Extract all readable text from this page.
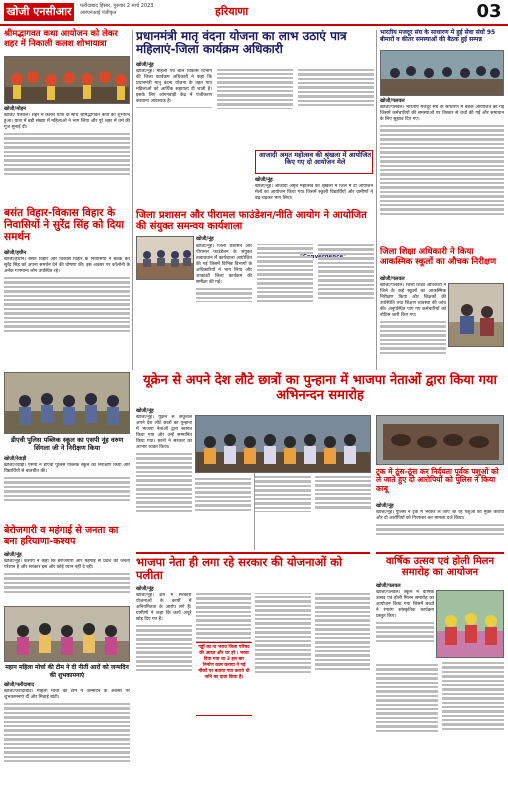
खोजी एनसीआर	फरीदाबाद हिसार, गुरुवार 2 मार्च 2023
आरएनआई पंजीकृत	हरियाणा	03
श्रीमद्भागवत कथा आयोजन को लेकर शहर में निकाली कलश शोभायात्रा
खोजी/मोहन
खोजी/ पलवल। शहर में कलश यात्रा के साथ श्रीमद्भागवत कथा का शुभारंभ हुआ। यात्रा में बड़ी संख्या में महिलाओं ने भाग लिया और पूरे शहर में धर्म की गूंज सुनाई दी।
बसंत विहार-विकास विहार के निवासियों ने सुरेंद्र सिंह को दिया समर्थन
खोजी/हथीन
खोजी/हथीन। बसंत विहार और विकास विहार के निवासियों ने बैठक कर सुरेंद्र सिंह को अपना समर्थन देने की घोषणा की। इस अवसर पर कॉलोनी के अनेक गणमान्य लोग उपस्थित रहे।
प्रधानमंत्री मातृ वंदना योजना का लाभ उठाएं पात्र महिलाएं-जिला कार्यक्रम अधिकारी
खोजी/नूंह
खोजी/नूंह। महिला एवं बाल विकास विभाग की जिला कार्यक्रम अधिकारी ने कहा कि प्रधानमंत्री मातृ वंदना योजना के तहत पात्र महिलाओं को आर्थिक सहायता दी जाती है। इसके लिए आंगनवाड़ी केंद्र में पंजीकरण करवाना आवश्यक है।
आजादी अमृत महोत्सव की श्रृंखला में आयोजित किए गए दो आयोजन मेले
खोजी/नूंह
खोजी/नूंह। आजादी अमृत महोत्सव की श्रृंखला में जिले में दो आयोजन मेलों का आयोजन किया गया जिसमें स्कूली विद्यार्थियों और ग्रामीणों ने बढ़-चढ़कर भाग लिया।
जिला प्रशासन और पीरामल फाउंडेशन/नीति आयोग ने आयोजित की संयुक्त समन्वय कार्यशाला
खोजी/नूंह
खोजी/नूंह। जिला प्रशासन और पीरामल फाउंडेशन के संयुक्त तत्वावधान में कार्यशाला आयोजित की गई जिसमें विभिन्न विभागों के अधिकारियों ने भाग लिया और आकांक्षी जिला कार्यक्रम की समीक्षा की गई।
भारतीय मजदूर संघ के साधारण में हुई सेवा संघों 95 बीमारों व कीतर समस्याओं की बैठक हुई सम्पन्न
खोजी/पलवल
खोजी/पलवल। भारतीय मजदूर संघ के साधारण में बैठक आयोजित की गई जिसमें कर्मचारियों की समस्याओं पर विस्तार से चर्चा की गई और समाधान के लिए सुझाव दिए गए।
जिला शिक्षा अधिकारी ने किया आकस्मिक स्कूलों का औचक निरीक्षण
खोजी/पलवल
खोजी/पलवल। जिला शिक्षा अधिकारी ने जिले के कई स्कूलों का आकस्मिक निरीक्षण किया और शिक्षकों की उपस्थिति तथा शिक्षण व्यवस्था की जांच की। अनुपस्थित पाए गए कर्मचारियों को नोटिस जारी किए गए।
डीएवी पुलिस पब्लिक स्कूल का एसपी नूंह वरुण सिंगला जी ने निरीक्षण किया
खोजी/रेवाड़ी
खोजी/रेवाड़ी। एसपी ने डीएवी पुलिस पब्लिक स्कूल का निरीक्षण किया और विद्यार्थियों से बातचीत की।
यूक्रेन से अपने देश लौटे छात्रों का पुन्हाना में भाजपा नेताओं द्वारा किया गया अभिनन्दन समारोह
खोजी/नूंह
खोजी/नूंह। यूक्रेन से सकुशल अपने देश लौटे छात्रों का पुन्हाना में भाजपा नेताओं द्वारा स्वागत किया गया और उन्हें सम्मानित किया गया। छात्रों ने सरकार का आभार व्यक्त किया।
ट्रक मे ठूंस-ठूंस कर निर्दयता पूर्वक पशुओं को ले जाते हुए दो आरोपियों को पुलिस ने किया काबू
खोजी/नूंह
खोजी/नूंह। पुलिस ने ट्रक में भरकर ले जाए जा रहे पशुओं को मुक्त कराया और दो आरोपियों को गिरफ्तार कर मामला दर्ज किया।
बेरोजगारी व महंगाई से जनता का बना हरियाणा-कश्यप
खोजी/नूंह
खोजी/नूंह। कश्यप ने कहा कि बेरोजगारी और महंगाई से प्रदेश की जनता परेशान है और सरकार इस ओर कोई ध्यान नहीं दे रही।	भाजपा नेता ही लगा रहे सरकार की योजनाओं को पलीता
खोजी/नूंह
खोजी/नूंह। क्षेत्र में सरकारी योजनाओं के कार्यों में अनियमितता के आरोप लगे हैं। ग्रामीणों ने कहा कि कार्य अधूरे छोड़ दिए गए हैं।
गड्ढों का ना भराव जिला परिषद की आदत और घर हो । भरवा दिया गया था 3 इस बार निर्माण काम कराया ने गई मौकों पर बताया गया कराये थी जनि का दावा किया है।
वार्षिक उत्सव एवं होली मिलन समारोह का आयोजन
खोजी/पलवल
खोजी/पलवल। स्कूल में वार्षिक उत्सव एवं होली मिलन समारोह का आयोजन किया गया जिसमें बच्चों ने रंगारंग सांस्कृतिक कार्यक्रम प्रस्तुत किए।
महान महिला मोर्चा की टीम ने दी नीतीं आरों को जन्मदिन की शुभकामनाएं
खोजी/फरीदाबाद
खोजी/फरीदाबाद। महिला मोर्चा की टीम ने जन्मदिन के अवसर पर शुभकामनाएं दीं और मिठाई बांटी।
